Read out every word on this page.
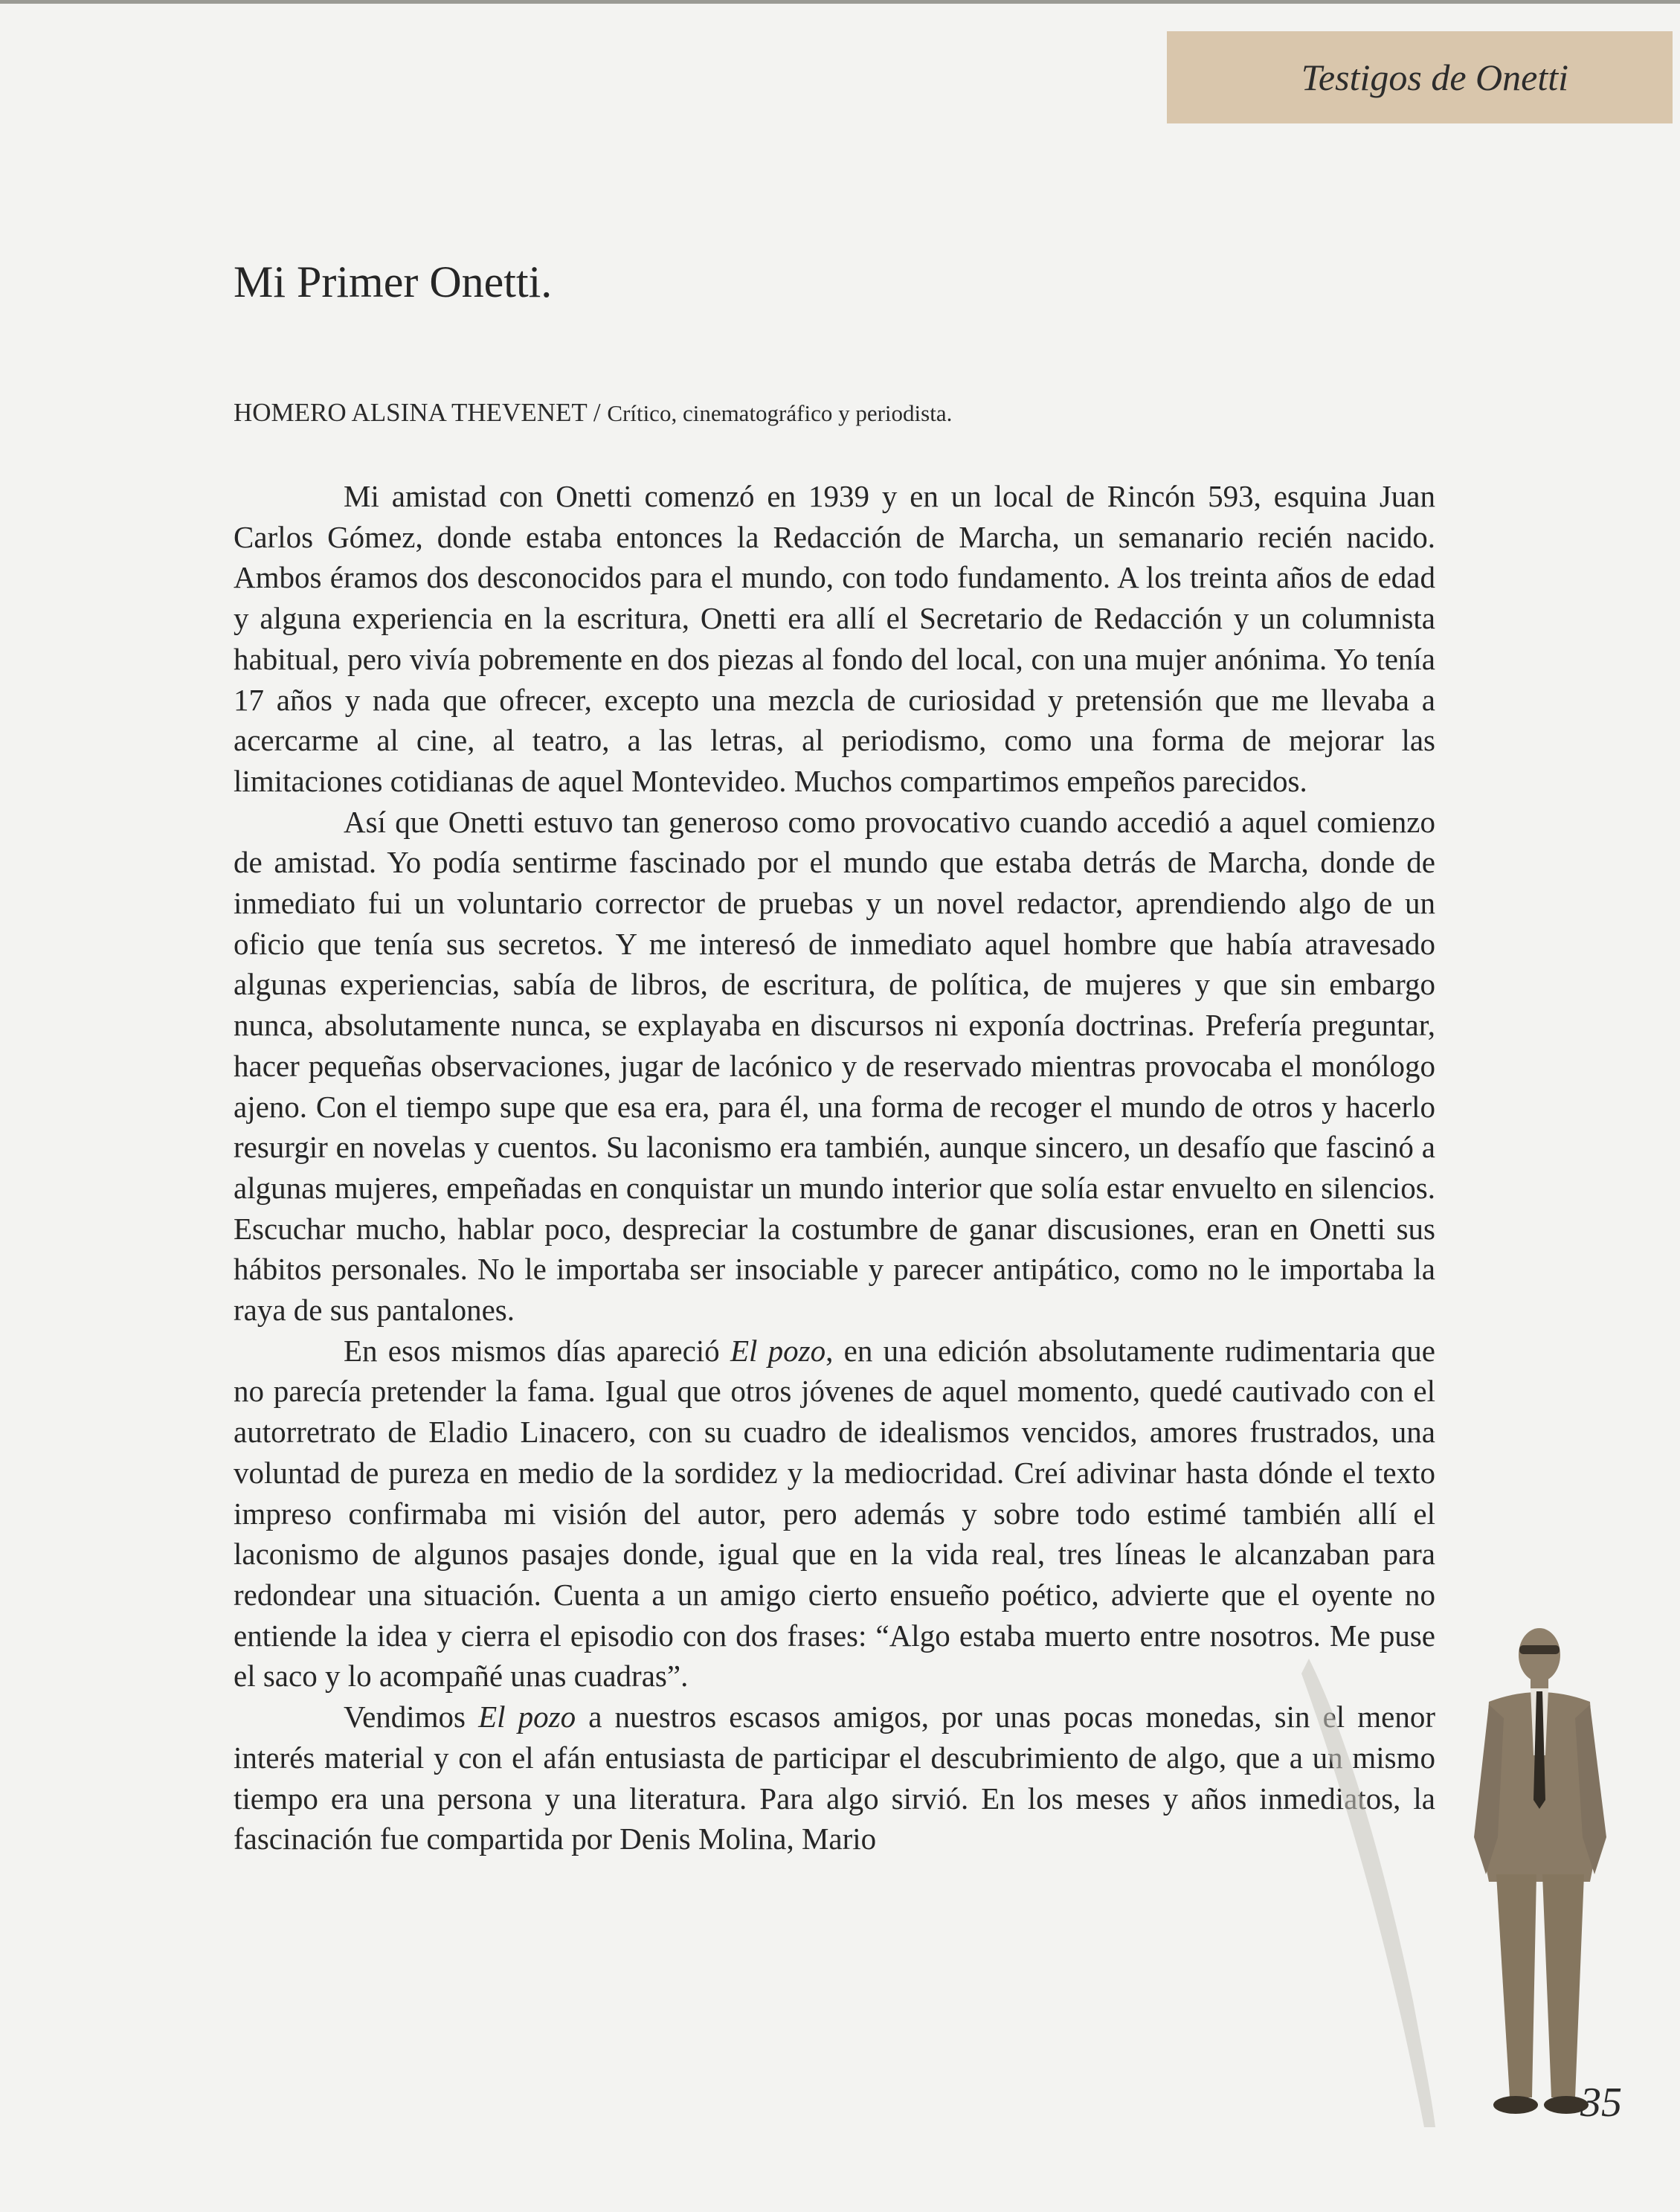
Testigos de Onetti
Mi Primer Onetti.
HOMERO ALSINA THEVENET / Crítico, cinematográfico y periodista.

Mi amistad con Onetti comenzó en 1939 y en un local de Rincón 593, esquina Juan Carlos Gómez, donde estaba entonces la Redacción de Marcha, un semanario recién nacido. Ambos éramos dos desconocidos para el mundo, con todo fundamento. A los treinta años de edad y alguna experiencia en la escritura, Onetti era allí el Secretario de Redacción y un columnista habitual, pero vivía pobremente en dos piezas al fondo del local, con una mujer anónima. Yo tenía 17 años y nada que ofrecer, excepto una mezcla de curiosidad y pretensión que me llevaba a acercarme al cine, al teatro, a las letras, al periodismo, como una forma de mejorar las limitaciones cotidianas de aquel Montevideo. Muchos compartimos empeños parecidos.

Así que Onetti estuvo tan generoso como provocativo cuando accedió a aquel comienzo de amistad. Yo podía sentirme fascinado por el mundo que estaba detrás de Marcha, donde de inmediato fui un voluntario corrector de pruebas y un novel redactor, aprendiendo algo de un oficio que tenía sus secretos. Y me interesó de inmediato aquel hombre que había atravesado algunas experiencias, sabía de libros, de escritura, de política, de mujeres y que sin embargo nunca, absolutamente nunca, se explayaba en discursos ni exponía doctrinas. Prefería preguntar, hacer pequeñas observaciones, jugar de lacónico y de reservado mientras provocaba el monólogo ajeno. Con el tiempo supe que esa era, para él, una forma de recoger el mundo de otros y hacerlo resurgir en novelas y cuentos. Su laconismo era también, aunque sincero, un desafío que fascinó a algunas mujeres, empeñadas en conquistar un mundo interior que solía estar envuelto en silencios. Escuchar mucho, hablar poco, despreciar la costumbre de ganar discusiones, eran en Onetti sus hábitos personales. No le importaba ser insociable y parecer antipático, como no le importaba la raya de sus pantalones.

En esos mismos días apareció El pozo, en una edición absolutamente rudimentaria que no parecía pretender la fama. Igual que otros jóvenes de aquel momento, quedé cautivado con el autorretrato de Eladio Linacero, con su cuadro de idealismos vencidos, amores frustrados, una voluntad de pureza en medio de la sordidez y la mediocridad. Creí adivinar hasta dónde el texto impreso confirmaba mi visión del autor, pero además y sobre todo estimé también allí el laconismo de algunos pasajes donde, igual que en la vida real, tres líneas le alcanzaban para redondear una situación. Cuenta a un amigo cierto ensueño poético, advierte que el oyente no entiende la idea y cierra el episodio con dos frases: “Algo estaba muerto entre nosotros. Me puse el saco y lo acompañé unas cuadras”.

Vendimos El pozo a nuestros escasos amigos, por unas pocas monedas, sin el menor interés material y con el afán entusiasta de participar el descubrimiento de algo, que a un mismo tiempo era una persona y una literatura. Para algo sirvió. En los meses y años inmediatos, la fascinación fue compartida por Denis Molina, Mario

35
